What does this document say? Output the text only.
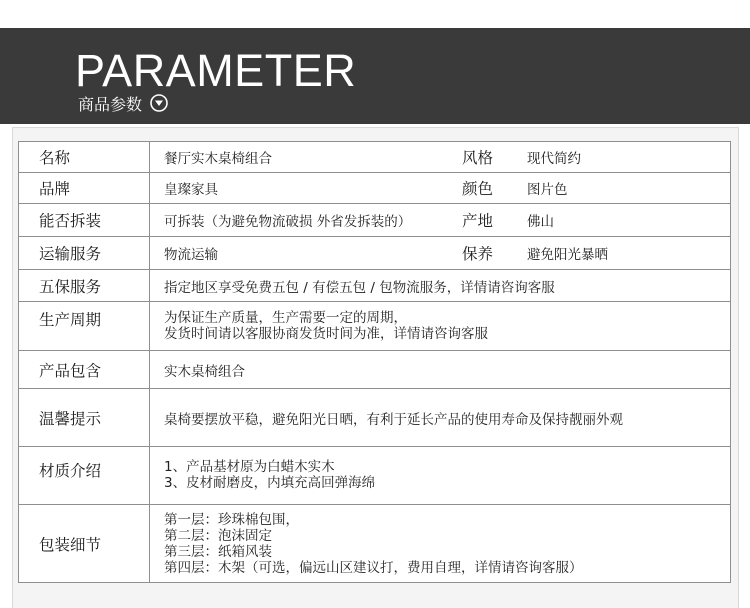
PARAMETER
商品参数
名称	餐厅实木桌椅组合	风格	现代简约
品牌	皇璨家具	颜色	图片色
能否拆装	可拆装（为避免物流破损 外省发拆装的）	产地	佛山
运输服务	物流运输	保养	避免阳光暴晒
五保服务	指定地区享受免费五包 / 有偿五包 / 包物流服务，详情请咨询客服		
生产周期	为保证生产质量，生产需要一定的周期，
发货时间请以客服协商发货时间为准，详情请咨询客服		

产品包含	实木桌椅组合		
温馨提示	桌椅要摆放平稳，避免阳光日晒，有利于延长产品的使用寿命及保持靓丽外观		
材质介绍	1、产品基材原为白蜡木实木
3、皮材耐磨皮，内填充高回弹海绵		

包装细节	第一层：珍珠棉包围，
第二层：泡沫固定
第三层：纸箱风装
第四层：木架（可选，偏远山区建议打，费用自理，详情请咨询客服）		
